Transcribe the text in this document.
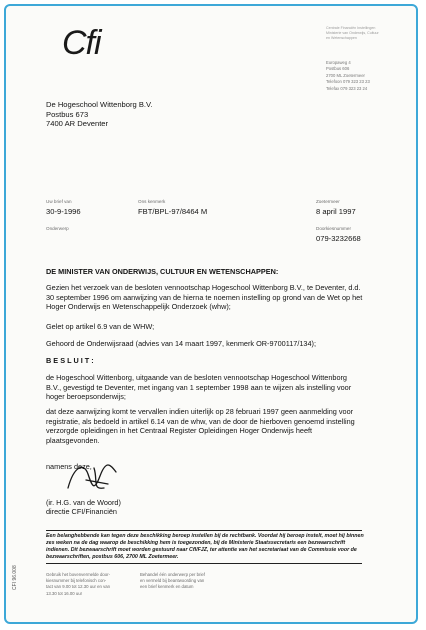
Cfi	Centrale Financiën Instellingen
Ministerie van Onderwijs, Cultuur
en Wetenschappen
Europaweg 4
Postbus 606
2700 ML Zoetermeer
Telefoon 079 323 23 23
Telefax 079 323 23 24
De Hogeschool Wittenborg B.V.
Postbus 673
7400 AR Deventer
Uw brief van
30-9-1996
Ons kenmerk
FBT/BPL-97/8464 M
Zoetermeer
8 april 1997
Onderwerp	Doorkiesnummer
079-3232668
DE MINISTER VAN ONDERWIJS, CULTUUR EN WETENSCHAPPEN:
Gezien het verzoek van de besloten vennootschap Hogeschool Wittenborg B.V., te Deventer, d.d. 30 september 1996 om aanwijzing van de hierna te noemen instelling op grond van de Wet op het Hoger Onderwijs en Wetenschappelijk Onderzoek (whw);
Gelet op artikel 6.9 van de WHW;
Gehoord de Onderwijsraad (advies van 14 maart 1997, kenmerk OR-9700117/134);
B E S L U I T :
de Hogeschool Wittenborg, uitgaande van de besloten vennootschap Hogeschool Wittenborg B.V., gevestigd te Deventer, met ingang van 1 september 1998 aan te wijzen als instelling voor hoger beroepsonderwijs;
dat deze aanwijzing komt te vervallen indien uiterlijk op 28 februari 1997 geen aanmelding voor registratie, als bedoeld in artikel 6.14 van de whw, van de door de hierboven genoemd instelling verzorgde opleidingen in het Centraal Register Opleidingen Hoger Onderwijs heeft plaatsgevonden.
namens deze,
(ir. H.G. van de Woord)
directie CFI/Financiën
Een belanghebbende kan tegen deze beschikking beroep instellen bij de rechtbank. Voordat hij beroep instelt, moet hij binnen zes weken na de dag waarop de beschikking hem is toegezonden, bij de Ministerie Staatssecretaris een bezwaarschrift indienen. Dit bezwaarschrift moet worden gestuurd naar CfI/FJZ, ter attentie van het secretariaat van de Commissie voor de bezwaarschriften, postbus 606, 2700 ML Zoetermeer.
Gebruik het bovenvermelde door-
kiesnummer bij telefonisch con-
tact van 9.00 tot 12.30 uur en van
13.30 tot 16.00 uur
Behandel één onderwerp per brief
en vermeld bij beantwoording van
een brief kenmerk en datum
CFI 96.008
